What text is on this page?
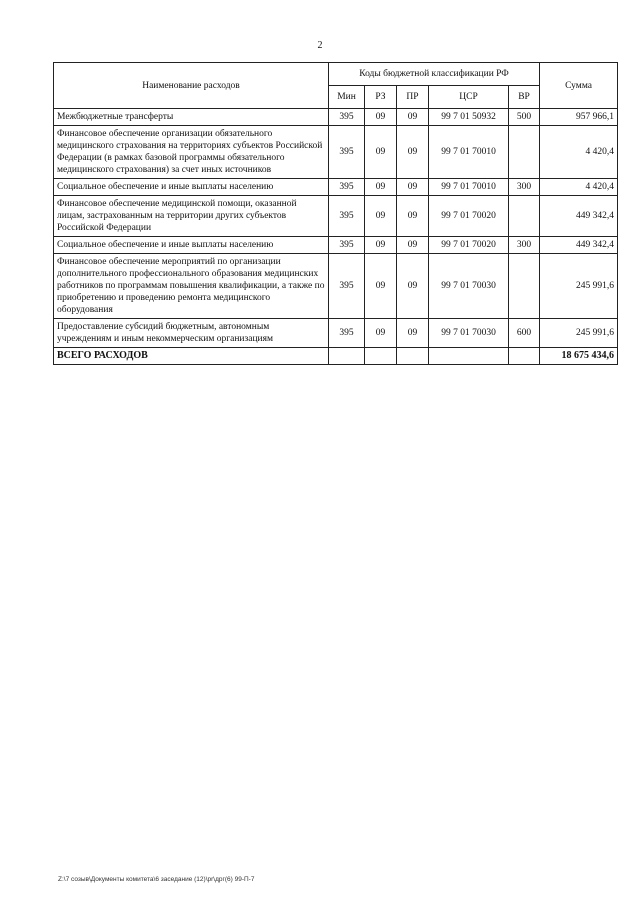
2
Наименование расходов	Коды бюджетной классификации РФ					Сумма
	Мин	РЗ	ПР	ЦСР	ВР	
Межбюджетные трансферты	395	09	09	99 7 01 50932	500	957 966,1
Финансовое обеспечение организации обязательного медицинского страхования на территориях субъектов Российской Федерации (в рамках базовой программы обязательного медицинского страхования) за счет иных источников	395	09	09	99 7 01 70010		4 420,4
Социальное обеспечение и иные выплаты населению	395	09	09	99 7 01 70010	300	4 420,4
Финансовое обеспечение медицинской помощи, оказанной лицам, застрахованным на территории других субъектов Российской Федерации	395	09	09	99 7 01 70020		449 342,4
Социальное обеспечение и иные выплаты населению	395	09	09	99 7 01 70020	300	449 342,4
Финансовое обеспечение мероприятий по организации дополнительного профессионального образования медицинских работников по программам повышения квалификации, а также по приобретению и проведению ремонта медицинского оборудования	395	09	09	99 7 01 70030		245 991,6
Предоставление субсидий бюджетным, автономным учреждениям и иным некоммерческим организациям	395	09	09	99 7 01 70030	600	245 991,6
ВСЕГО РАСХОДОВ						18 675 434,6
Z:\7 созыв\Документы комитета\6 заседание (12)\pr\дрг(6) 99-П-7
